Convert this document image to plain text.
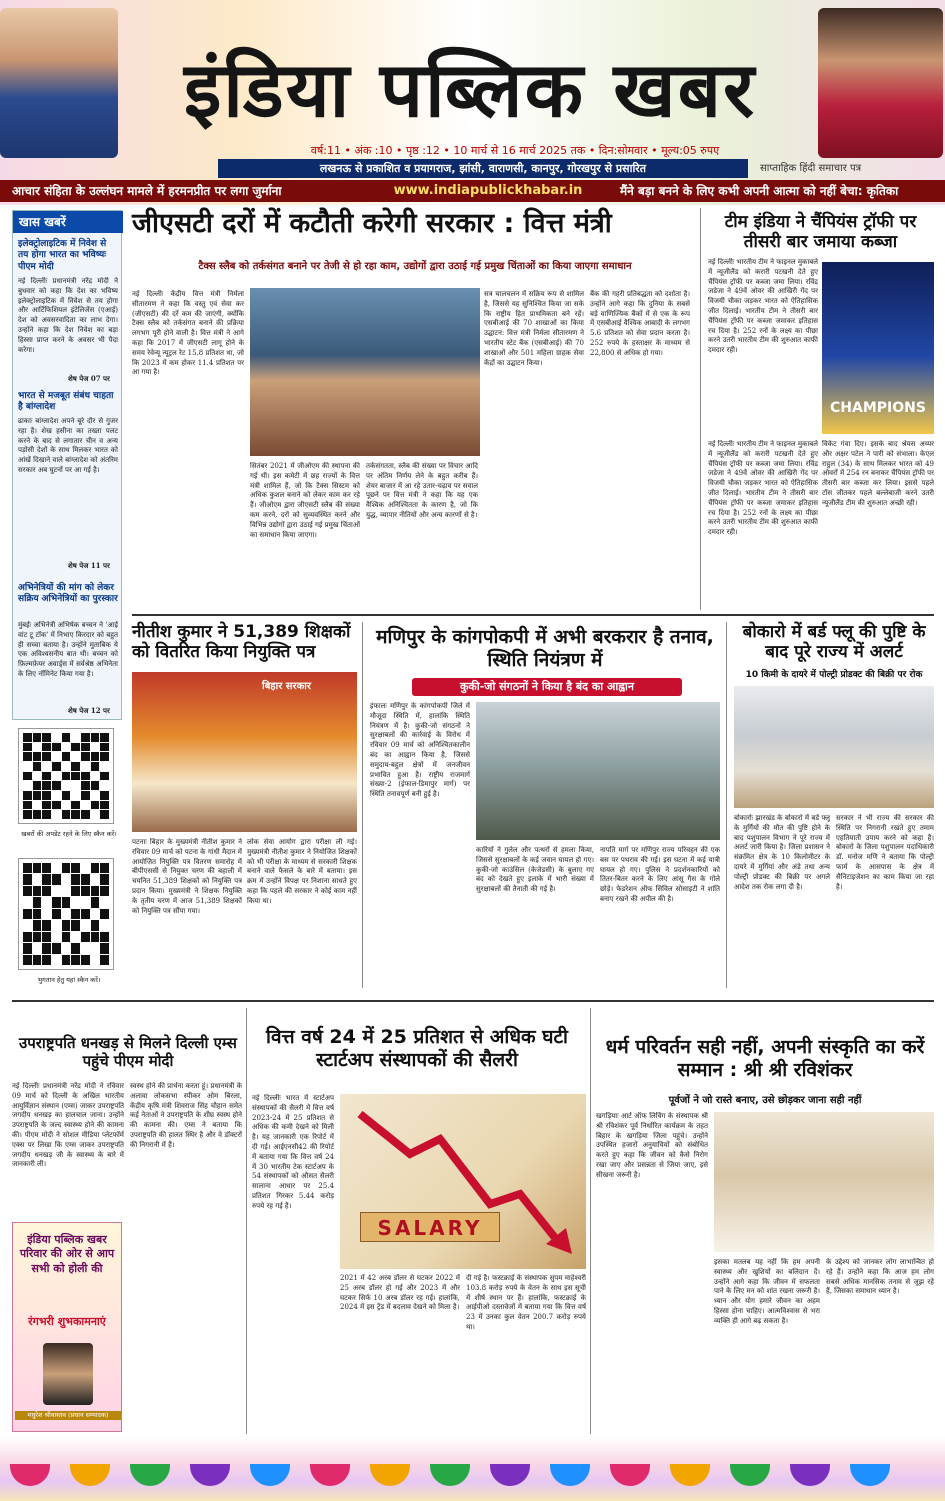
इंडिया पब्लिक खबर
वर्ष:11 • अंक :10 • पृष्ठ :12 • 10 मार्च से 16 मार्च 2025 तक • दिन:सोमवार • मूल्य:05 रुपए
लखनऊ से प्रकाशित व प्रयागराज, झांसी, वाराणसी, कानपुर, गोरखपुर से प्रसारित	साप्ताहिक हिंदी समाचार पत्र
आचार संहिता के उल्लंघन मामले में हरमनप्रीत पर लगा जुर्माना	www.indiapublickhabar.in	मैंने बड़ा बनने के लिए कभी अपनी आत्मा को नहीं बेचा: कृतिका
खास खबरें
इलेक्ट्रोलाइटिक में निवेश से तय होगा भारत का भविष्यः पीएम मोदी
नई दिल्लीः प्रधानमंत्री नरेंद्र मोदी ने बुधवार को कहा कि देश का भविष्य इलेक्ट्रोलाइटिक में निवेश से तय होगा और आर्टिफिशियल इंटेलिजेंस (एआई) देश को अवसरवादिता का लाभ देगा। उन्होंने कहा कि देश निवेश का बड़ा हिस्सा प्राप्त करने के अवसर भी पैदा करेगा।
शेष पेज 07 पर
भारत से मजबूत संबंध चाहता है बांग्लादेश
ढाकाः बांग्लादेश अपने बूरे दौर से गुजर रहा है। शेख हसीना का तख्ता पलट करने के बाद से लगातार चीन व अन्य पड़ोसी देशों के साथ मिलकर भारत को आंखें दिखाने वाले बांग्लादेश को अंतरिम सरकार अब घुटनों पर आ गई है।
शेष पेज 11 पर
अभिनेत्रियों की मांग को लेकर सक्रिय अभिनेत्रियों का पुरस्कार
मुंबईः अभिनेत्री अभिषेक बच्चन ने 'आई वांट टू टॉक' में निभाए किरदार को बहुत ही सच्चा बताया है। उन्होंने मुताबिक ये एक अविश्वसनीय बात थी। बच्चन को फ़िल्मफ़ेयर अवार्ड्स में सर्वश्रेष्ठ अभिनेता के लिए नॉमिनेट किया गया है।
शेष पेज 12 पर
खबरों की अपडेट रहने के लिए स्कैन करें।
भुगतान हेतु यहां स्कैन करें।
जीएसटी दरों में कटौती करेगी सरकार : वित्त मंत्री
टैक्स स्लैब को तर्कसंगत बनाने पर तेजी से हो रहा काम, उद्योगों द्वारा उठाई गई प्रमुख चिंताओं का किया जाएगा समाधान
नई दिल्लीः केंद्रीय वित्त मंत्री निर्मला सीतारमण ने कहा कि वस्तु एवं सेवा कर (जीएसटी) की दरें कम की जाएंगी, क्योंकि टैक्स स्लैब को तर्कसंगत बनाने की प्रक्रिया लगभग पूरी होने वाली है। वित्त मंत्री ने आगे कहा कि 2017 में जीएसटी लागू होने के समय रेवेन्यू न्यूट्रल रेट 15.8 प्रतिशत था, जो कि 2023 में कम होकर 11.4 प्रतिशत पर आ गया है।
सितंबर 2021 में जीओएम की स्थापना की गई थी। इस कमेटी में छह राज्यों के वित्त मंत्री शामिल हैं, जो कि टैक्स सिस्टम को अधिक कुशल बनाने को लेकर काम कर रहे हैं। जीओएम द्वारा जीएसटी स्लैब की संख्या कम करने, दरों को सुव्यवस्थित करने और विभिन्न उद्योगों द्वारा उठाई गई प्रमुख चिंताओं का समाधान किया जाएगा।
तर्कसंगतता, स्लैब की संख्या पर विचार आदि पर अंतिम निर्णय लेने के बहुत करीब हैं। शेयर बाजार में आ रहे उतार-चढ़ाव पर सवाल पूछने पर वित्त मंत्री ने कहा कि यह एक वैश्विक अनिश्चितता के कारण है, जो कि युद्ध, व्यापार नीतियों और अन्य कारणों से है।
सत्र चालचलन में सक्रिय रूप से शामिल है, जिससे यह सुनिश्चित किया जा सके कि राष्ट्रीय हित प्राथमिकता बने रहें। एसबीआई की 70 शाखाओं का किया उद्घाटन: वित्त मंत्री निर्मला सीतारमण ने भारतीय स्टेट बैंक (एसबीआई) की 70 शाखाओं और 501 महिला ग्राहक सेवा केंद्रों का उद्घाटन किया।
बैंक की गहरी प्रतिबद्धता को दर्शाता है। उन्होंने आगे कहा कि दुनिया के सबसे बड़े वाणिज्यिक बैंकों में से एक के रूप में एसबीआई वैश्विक आबादी के लगभग 5.6 प्रतिशत को सेवा प्रदान करता है। 252 रुपये के हस्ताक्षर के माध्यम से 22,800 से अधिक हो गया।
टीम इंडिया ने चैंपियंस ट्रॉफी पर तीसरी बार जमाया कब्जा
नई दिल्लीः भारतीय टीम ने फाइनल मुकाबले में न्यूजीलैंड को करारी पटखनी देते हुए चैंपियंस ट्रॉफी पर कब्जा जमा लिया। रविंद्र जडेजा ने 49वें ओवर की आखिरी गेंद पर विजयी चौका जड़कर भारत को ऐतिहासिक जीत दिलाई। भारतीय टीम ने तीसरी बार चैंपियंस ट्रॉफी पर कब्जा जमाकर इतिहास रच दिया है। 252 रनों के लक्ष्य का पीछा करने उतरी भारतीय टीम की शुरुआत काफी दमदार रही।
CHAMPIONS
विकेट गंवा दिए। इसके बाद श्रेयस अय्यर और अक्षर पटेल ने पारी को संभाला। केएल राहुल (34) के साथ मिलकर भारत को 49 ओवरों में 254 रन बनाकर चैंपियंस ट्रॉफी पर तीसरी बार कब्जा कर लिया। इससे पहले टॉस जीतकर पहले बल्लेबाजी करने उतरी न्यूजीलैंड टीम की शुरुआत अच्छी रही।
नई दिल्लीः भारतीय टीम ने फाइनल मुकाबले में न्यूजीलैंड को करारी पटखनी देते हुए चैंपियंस ट्रॉफी पर कब्जा जमा लिया। रविंद्र जडेजा ने 49वें ओवर की आखिरी गेंद पर विजयी चौका जड़कर भारत को ऐतिहासिक जीत दिलाई। भारतीय टीम ने तीसरी बार चैंपियंस ट्रॉफी पर कब्जा जमाकर इतिहास रच दिया है। 252 रनों के लक्ष्य का पीछा करने उतरी भारतीय टीम की शुरुआत काफी दमदार रही।
नीतीश कुमार ने 51,389 शिक्षकों को वितरित किया नियुक्ति पत्र
बिहार सरकार
पटनाः बिहार के मुख्यमंत्री नीतीश कुमार ने रविवार 09 मार्च को पटना के गांधी मैदान में आयोजित नियुक्ति पत्र वितरण समारोह में बीपीएससी से नियुक्त चरण की बहाली में चयनित 51,389 शिक्षकों को नियुक्ति पत्र प्रदान किया। मुख्यमंत्री ने शिक्षक नियुक्ति के तृतीय चरण में आज 51,389 शिक्षकों को नियुक्ति पत्र सौंपा गया।
लोक सेवा आयोग द्वारा परीक्षा ली गई। मुख्यमंत्री नीतीश कुमार ने नियोजित शिक्षकों को भी परीक्षा के माध्यम से सरकारी शिक्षक बनाने वाले फैसले के बारे में बताया। इस क्रम में उन्होंने विपक्ष पर निशाना साधते हुए कहा कि पहले की सरकार ने कोई काम नहीं किया था।
मणिपुर के कांगपोकपी में अभी बरकरार है तनाव, स्थिति नियंत्रण में
कुकी-जो संगठनों ने किया है बंद का आह्वान
इंफालः मणिपुर के कांगपोकपी जिले में मौजूदा स्थिति में, हालांकि स्थिति नियंत्रण में है। कुकी-जो संगठनों ने सुरक्षाबलों की कार्रवाई के विरोध में रविवार 09 मार्च को अनिश्चितकालीन बंद का आह्वान किया है, जिससे समुदाय-बहुल क्षेत्रों में जनजीवन प्रभावित हुआ है। राष्ट्रीय राजमार्ग संख्या-2 (इंफाल-डिमापुर मार्ग) पर स्थिति तनावपूर्ण बनी हुई है।
कारियों ने गुलेल और पत्थरों से हमला किया, जिससे सुरक्षाबलों के कई जवान घायल हो गए। कुकी-जो काउंसिल (केजेडसी) के बुलाए गए बंद को देखते हुए इलाके में भारी संख्या में सुरक्षाबलों की तैनाती की गई है।
नापति मार्ग पर मणिपुर राज्य परिवहन की एक बस पर पथराव की गई। इस घटना में कई यात्री घायल हो गए। पुलिस ने प्रदर्शनकारियों को तितर-बितर करने के लिए आंसू गैस के गोले छोड़े। फेडरेशन ऑफ सिविल सोसाइटी ने शांति बनाए रखने की अपील की है।
बोकारो में बर्ड फ्लू की पुष्टि के बाद पूरे राज्य में अलर्ट
10 किमी के दायरे में पोल्ट्री प्रोडक्ट की बिक्री पर रोक
बोकारोः झारखंड के बोकारो में बर्ड फ्लू के मुर्गियों की मौत की पुष्टि होने के बाद पशुपालन विभाग ने पूरे राज्य में अलर्ट जारी किया है। जिला प्रशासन ने संक्रमित क्षेत्र के 10 किलोमीटर के दायरे में मुर्गियां और अंडे तथा अन्य पोल्ट्री प्रोडक्ट की बिक्री पर अगले आदेश तक रोक लगा दी है।
सरकार ने भी राज्य की सरकार की स्थिति पर निगरानी रखते हुए तमाम एहतियाती उपाय करने को कहा है। बोकारो के जिला पशुपालन पदाधिकारी डॉ. मनोज मणि ने बताया कि पोल्ट्री फार्म के आसपास के क्षेत्र में सैनिटाइजेशन का काम किया जा रहा है।
उपराष्ट्रपति धनखड़ से मिलने दिल्ली एम्स पहुंचे पीएम मोदी
नई दिल्लीः प्रधानमंत्री नरेंद्र मोदी ने रविवार 09 मार्च को दिल्ली के अखिल भारतीय आयुर्विज्ञान संस्थान (एम्स) जाकर उपराष्ट्रपति जगदीप धनखड़ का हालचाल जाना। उन्होंने उपराष्ट्रपति के जल्द स्वास्थ्य होने की कामना की। पीएम मोदी ने सोशल मीडिया प्लेटफॉर्म एक्स पर लिखा कि एम्स जाकर उपराष्ट्रपति जगदीप धनखड़ जी के स्वास्थ्य के बारे में जानकारी ली।
स्वस्थ होने की प्रार्थना करता हूं। प्रधानमंत्री के अलावा लोकसभा स्पीकर ओम बिरला, केंद्रीय कृषि मंत्री शिवराज सिंह चौहान समेत कई नेताओं ने उपराष्ट्रपति के शीघ्र स्वस्थ होने की कामना की। एम्स ने बताया कि उपराष्ट्रपति की हालत स्थिर है और वे डॉक्टरों की निगरानी में हैं।
इंडिया पब्लिक खबर परिवार की ओर से आप सभी को होली की
रंगभरी शुभकामनाएं
मधुरेश श्रीवास्तव (प्रधान सम्पादक)
वित्त वर्ष 24 में 25 प्रतिशत से अधिक घटी स्टार्टअप संस्थापकों की सैलरी
नई दिल्लीः भारत में स्टार्टअप संस्थापकों की सैलरी में वित्त वर्ष 2023-24 में 25 प्रतिशत से अधिक की कमी देखने को मिली है। यह जानकारी एक रिपोर्ट में दी गई। आईएनसी42 की रिपोर्ट में बताया गया कि वित्त वर्ष 24 में 30 भारतीय टेक स्टार्टअप के 54 संस्थापकों को औसत सैलरी सालाना आधार पर 25.4 प्रतिशत गिरकर 5.44 करोड़ रुपये रह गई है।
SALARY
2021 में 42 अरब डॉलर से घटकर 2022 में 25 अरब डॉलर हो गई और 2023 में और घटकर सिर्फ 10 अरब डॉलर रह गई। हालांकि, 2024 में इस ट्रेंड में बदलाव देखने को मिला है।
दी गई है। फस्टक्राई के संस्थापक सुपम माहेश्वरी 103.8 करोड़ रुपये के वेतन के साथ इस सूची में शीर्ष स्थान पर हैं। हालांकि, फस्टक्राई के आईपीओ दस्तावेजों में बताया गया कि वित्त वर्ष 23 में उनका कुल वेतन 200.7 करोड़ रुपये था।
धर्म परिवर्तन सही नहीं, अपनी संस्कृति का करें सम्मान : श्री श्री रविशंकर
पूर्वजों ने जो रास्ते बनाए, उसे छोड़कर जाना सही नहीं
खगड़ियाः आर्ट ऑफ लिविंग के संस्थापक श्री श्री रविशंकर पूर्व निर्धारित कार्यक्रम के तहत बिहार के खगड़िया जिला पहुंचे। उन्होंने उपस्थित हजारों अनुयायियों को संबोधित करते हुए कहा कि जीवन को कैसे निरोग रखा जाए और प्रसन्नता से जिया जाए, इसे सीखना जरूरी है।
इसका मतलब यह नहीं कि हम अपनी स्वास्थ्य और खुशियों का बलिदान दें। उन्होंने आगे कहा कि जीवन में सफलता पाने के लिए मन को शांत रखना जरूरी है। ध्यान और योग हमारे जीवन का अहम हिस्सा होना चाहिए। आत्मविश्वास से भरा व्यक्ति ही आगे बढ़ सकता है।
के उद्देश्य को जानकर लोग लाभान्वित हो रहे हैं। उन्होंने कहा कि आज हम लोग सबसे अधिक मानसिक तनाव से जूझ रहे हैं, जिसका समाधान ध्यान है।
